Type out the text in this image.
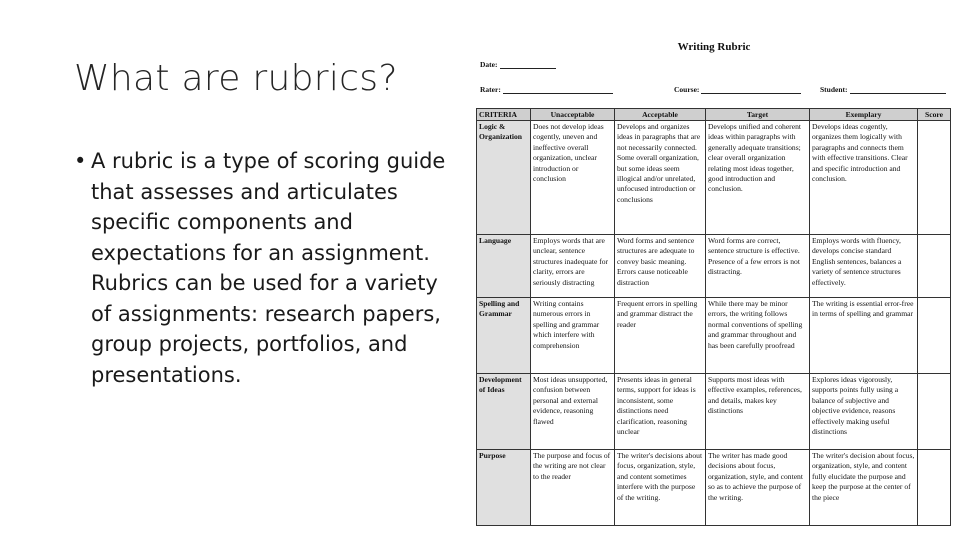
What are rubrics?
• A rubric is a type of scoring guide
that assesses and articulates
specific components and
expectations for an assignment.
Rubrics can be used for a variety
of assignments: research papers,
group projects, portfolios, and
presentations.
Writing Rubric
Date:
Rater:	Course:	Student:
CRITERIA	Unacceptable	Acceptable	Target	Exemplary	Score
Logic & Organization	Does not develop ideas cogently, uneven and ineffective overall organization, unclear introduction or conclusion	Develops and organizes ideas in paragraphs that are not necessarily connected. Some overall organization, but some ideas seem illogical and/or unrelated, unfocused introduction or conclusions	Develops unified and coherent ideas within paragraphs with generally adequate transitions; clear overall organization relating most ideas together, good introduction and conclusion.	Develops ideas cogently, organizes them logically with paragraphs and connects them with effective transitions. Clear and specific introduction and conclusion.	
Language	Employs words that are unclear, sentence structures inadequate for clarity, errors are seriously distracting	Word forms and sentence structures are adequate to convey basic meaning. Errors cause noticeable distraction	Word forms are correct, sentence structure is effective. Presence of a few errors is not distracting.	Employs words with fluency, develops concise standard English sentences, balances a variety of sentence structures effectively.	
Spelling and Grammar	Writing contains numerous errors in spelling and grammar which interfere with comprehension	Frequent errors in spelling and grammar distract the reader	While there may be minor errors, the writing follows normal conventions of spelling and grammar throughout and has been carefully proofread	The writing is essential error-free in terms of spelling and grammar	
Development of Ideas	Most ideas unsupported, confusion between personal and external evidence, reasoning flawed	Presents ideas in general terms, support for ideas is inconsistent, some distinctions need clarification, reasoning unclear	Supports most ideas with effective examples, references, and details, makes key distinctions	Explores ideas vigorously, supports points fully using a balance of subjective and objective evidence, reasons effectively making useful distinctions	
Purpose	The purpose and focus of the writing are not clear to the reader	The writer's decisions about focus, organization, style, and content sometimes interfere with the purpose of the writing.	The writer has made good decisions about focus, organization, style, and content so as to achieve the purpose of the writing.	The writer's decision about focus, organization, style, and content fully elucidate the purpose and keep the purpose at the center of the piece	
